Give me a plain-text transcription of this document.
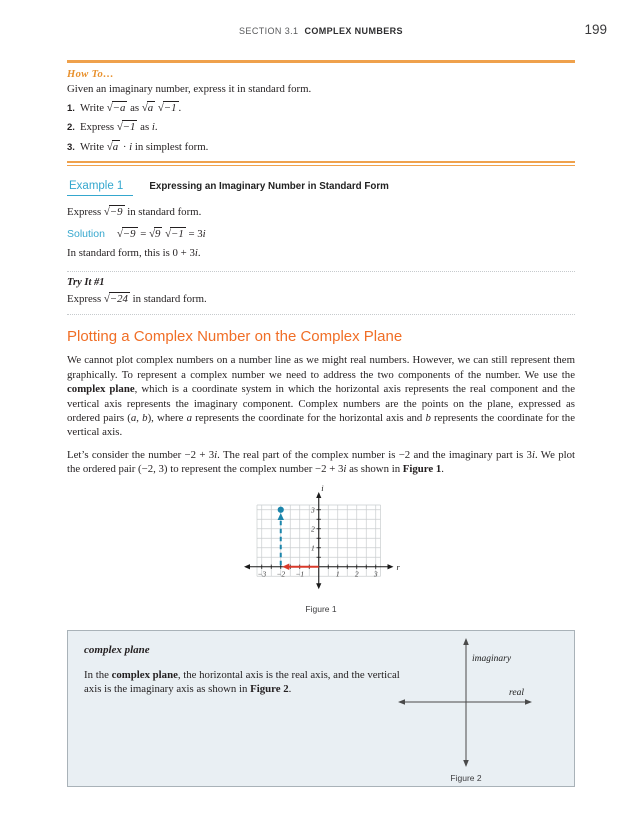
SECTION 3.1 COMPLEX NUMBERS	199
How To…
Given an imaginary number, express it in standard form.
1. Write √−a as √a √−1 .
2. Express √−1 as i.
3. Write √a · i in simplest form.
Example 1	Expressing an Imaginary Number in Standard Form
Express √−9 in standard form.
Solution √−9 = √9 √−1 = 3i
In standard form, this is 0 + 3i.
Try It #1
Express √−24 in standard form.
Plotting a Complex Number on the Complex Plane
We cannot plot complex numbers on a number line as we might real numbers. However, we can still represent them graphically. To represent a complex number we need to address the two components of the number. We use the complex plane, which is a coordinate system in which the horizontal axis represents the real component and the vertical axis represents the imaginary component. Complex numbers are the points on the plane, expressed as ordered pairs (a, b), where a represents the coordinate for the horizontal axis and b represents the coordinate for the vertical axis.
Let’s consider the number −2 + 3i. The real part of the complex number is −2 and the imaginary part is 3i. We plot the ordered pair (−2, 3) to represent the complex number −2 + 3i as shown in Figure 1.
−3 −2 −1	1 2 3
1
2
3
i
r
Figure 1
complex plane
In the complex plane, the horizontal axis is the real axis, and the vertical axis is the imaginary axis as shown in Figure 2.
imaginary
real
Figure 2
